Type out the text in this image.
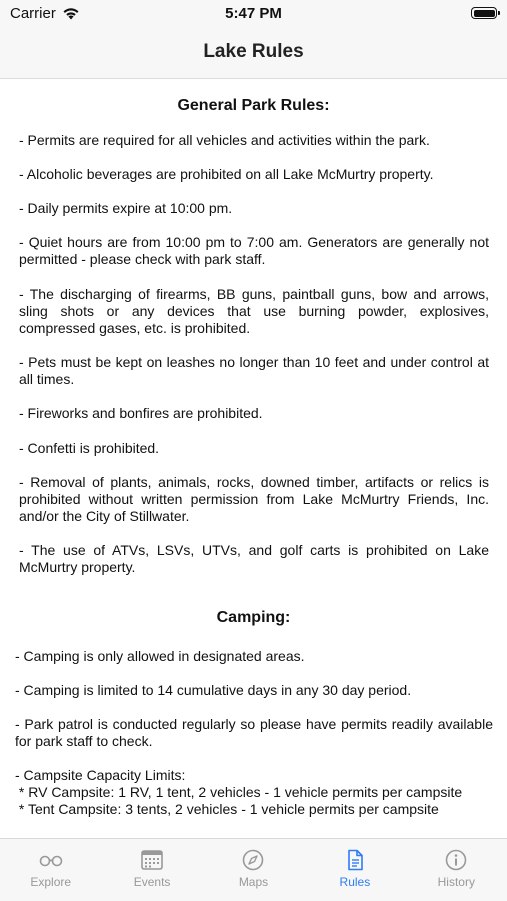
Carrier	5:47 PM
Lake Rules

General Park Rules:

- Permits are required for all vehicles and activities within the park.

- Alcoholic beverages are prohibited on all Lake McMurtry property.

- Daily permits expire at 10:00 pm.

- Quiet hours are from 10:00 pm to 7:00 am. Generators are generally not permitted - please check with park staff.

- The discharging of firearms, BB guns, paintball guns, bow and arrows, sling shots or any devices that use burning powder, explosives, compressed gases, etc. is prohibited.

- Pets must be kept on leashes no longer than 10 feet and under control at all times.

- Fireworks and bonfires are prohibited.

- Confetti is prohibited.

- Removal of plants, animals, rocks, downed timber, artifacts or relics is prohibited without written permission from Lake McMurtry Friends, Inc. and/or the City of Stillwater.

- The use of ATVs, LSVs, UTVs, and golf carts is prohibited on Lake McMurtry property.

Camping:

- Camping is only allowed in designated areas.

- Camping is limited to 14 cumulative days in any 30 day period.

- Park patrol is conducted regularly so please have permits readily available for park staff to check.

- Campsite Capacity Limits:

* RV Campsite: 1 RV, 1 tent, 2 vehicles - 1 vehicle permits per campsite

* Tent Campsite: 3 tents, 2 vehicles - 1 vehicle permits per campsite

Explore	Events	Maps	Rules	History
